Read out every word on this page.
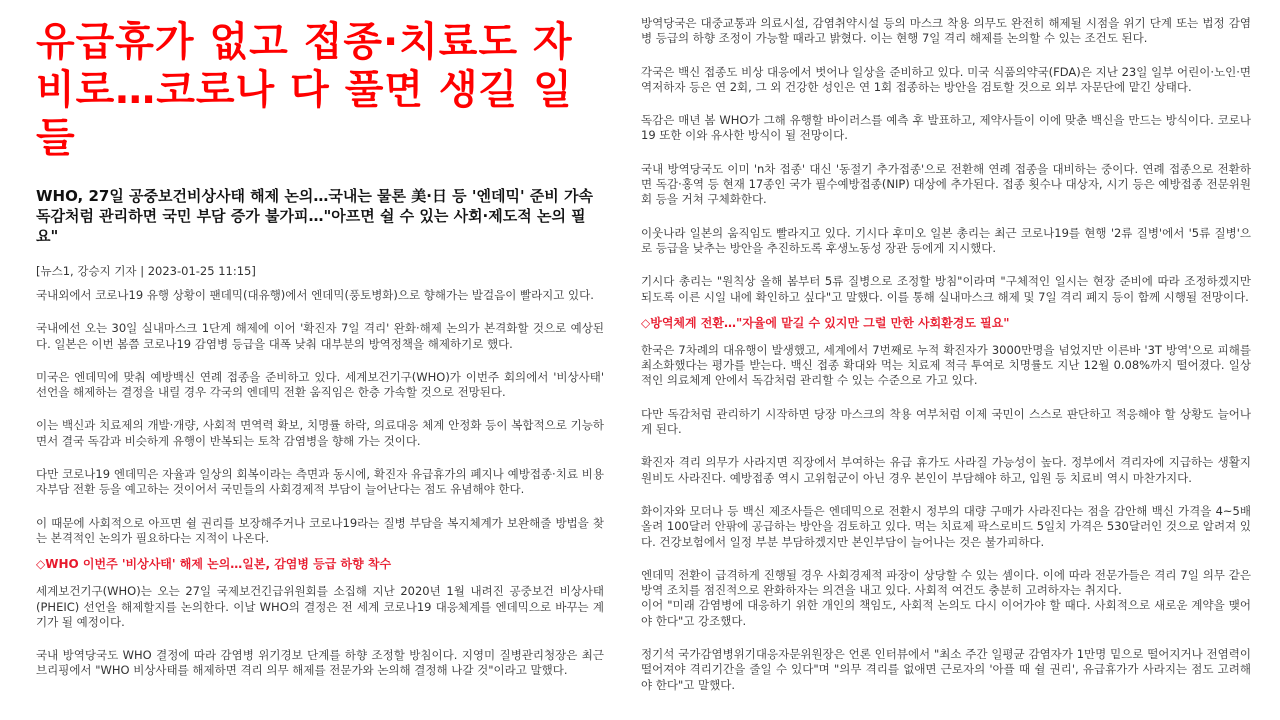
유급휴가 없고 접종·치료도 자비로…코로나 다 풀면 생길 일들
WHO, 27일 공중보건비상사태 해제 논의…국내는 물론 美·日 등 '엔데믹' 준비 가속
독감처럼 관리하면 국민 부담 증가 불가피…"아프면 쉴 수 있는 사회·제도적 논의 필요"
[뉴스1, 강승지 기자 | 2023-01-25 11:15]

국내외에서 코로나19 유행 상황이 팬데믹(대유행)에서 엔데믹(풍토병화)으로 향해가는 발걸음이 빨라지고 있다.

국내에선 오는 30일 실내마스크 1단계 해제에 이어 '확진자 7일 격리' 완화·해제 논의가 본격화할 것으로 예상된다. 일본은 이번 봄쯤 코로나19 감염병 등급을 대폭 낮춰 대부분의 방역정책을 해제하기로 했다.

미국은 엔데믹에 맞춰 예방백신 연례 접종을 준비하고 있다. 세계보건기구(WHO)가 이번주 회의에서 '비상사태' 선언을 해제하는 결정을 내릴 경우 각국의 엔데믹 전환 움직임은 한층 가속할 것으로 전망된다.

이는 백신과 치료제의 개발·개량, 사회적 면역력 확보, 치명률 하락, 의료대응 체계 안정화 등이 복합적으로 기능하면서 결국 독감과 비슷하게 유행이 반복되는 토착 감염병을 향해 가는 것이다.

다만 코로나19 엔데믹은 자율과 일상의 회복이라는 측면과 동시에, 확진자 유급휴가의 폐지나 예방접종·치료 비용 자부담 전환 등을 예고하는 것이어서 국민들의 사회경제적 부담이 늘어난다는 점도 유념해야 한다.

이 때문에 사회적으로 아프면 쉴 권리를 보장해주거나 코로나19라는 질병 부담을 복지체계가 보완해줄 방법을 찾는 본격적인 논의가 필요하다는 지적이 나온다.

◇WHO 이번주 '비상사태' 해제 논의…일본, 감염병 등급 하향 착수

세계보건기구(WHO)는 오는 27일 국제보건긴급위원회를 소집해 지난 2020년 1월 내려진 공중보건 비상사태(PHEIC) 선언을 해제할지를 논의한다. 이날 WHO의 결정은 전 세계 코로나19 대응체계를 엔데믹으로 바꾸는 계기가 될 예정이다.

국내 방역당국도 WHO 결정에 따라 감염병 위기경보 단계를 하향 조정할 방침이다. 지영미 질병관리청장은 최근 브리핑에서 "WHO 비상사태를 해제하면 격리 의무 해제를 전문가와 논의해 결정해 나갈 것"이라고 말했다.

방역당국은 대중교통과 의료시설, 감염취약시설 등의 마스크 착용 의무도 완전히 해제될 시점을 위기 단계 또는 법정 감염병 등급의 하향 조정이 가능할 때라고 밝혔다. 이는 현행 7일 격리 해제를 논의할 수 있는 조건도 된다.

각국은 백신 접종도 비상 대응에서 벗어나 일상을 준비하고 있다. 미국 식품의약국(FDA)은 지난 23일 일부 어린이·노인·면역저하자 등은 연 2회, 그 외 건강한 성인은 연 1회 접종하는 방안을 검토할 것으로 외부 자문단에 맡긴 상태다.

독감은 매년 봄 WHO가 그해 유행할 바이러스를 예측 후 발표하고, 제약사들이 이에 맞춘 백신을 만드는 방식이다. 코로나19 또한 이와 유사한 방식이 될 전망이다.

국내 방역당국도 이미 'n차 접종' 대신 '동절기 추가접종'으로 전환해 연례 접종을 대비하는 중이다. 연례 접종으로 전환하면 독감·홍역 등 현재 17종인 국가 필수예방접종(NIP) 대상에 추가된다. 접종 횟수나 대상자, 시기 등은 예방접종 전문위원회 등을 거쳐 구체화한다.

이웃나라 일본의 움직임도 빨라지고 있다. 기시다 후미오 일본 총리는 최근 코로나19를 현행 '2류 질병'에서 '5류 질병'으로 등급을 낮추는 방안을 추진하도록 후생노동성 장관 등에게 지시했다.

기시다 총리는 "원칙상 올해 봄부터 5류 질병으로 조정할 방침"이라며 "구체적인 일시는 현장 준비에 따라 조정하겠지만 되도록 이른 시일 내에 확인하고 싶다"고 말했다. 이를 통해 실내마스크 해제 및 7일 격리 폐지 등이 함께 시행될 전망이다.

◇방역체계 전환…"자율에 맡길 수 있지만 그럴 만한 사회환경도 필요"

한국은 7차례의 대유행이 발생했고, 세계에서 7번째로 누적 확진자가 3000만명을 넘었지만 이른바 '3T 방역'으로 피해를 최소화했다는 평가를 받는다. 백신 접종 확대와 먹는 치료제 적극 투여로 치명률도 지난 12월 0.08%까지 떨어졌다. 일상적인 의료체계 안에서 독감처럼 관리할 수 있는 수준으로 가고 있다.

다만 독감처럼 관리하기 시작하면 당장 마스크의 착용 여부처럼 이제 국민이 스스로 판단하고 적응해야 할 상황도 늘어나게 된다.

확진자 격리 의무가 사라지면 직장에서 부여하는 유급 휴가도 사라질 가능성이 높다. 정부에서 격리자에 지급하는 생활지원비도 사라진다. 예방접종 역시 고위험군이 아닌 경우 본인이 부담해야 하고, 입원 등 치료비 역시 마찬가지다.

화이자와 모더나 등 백신 제조사들은 엔데믹으로 전환시 정부의 대량 구매가 사라진다는 점을 감안해 백신 가격을 4~5배 올려 100달러 안팎에 공급하는 방안을 검토하고 있다. 먹는 치료제 팍스로비드 5일치 가격은 530달러인 것으로 알려져 있다. 건강보험에서 일정 부분 부담하겠지만 본인부담이 늘어나는 것은 불가피하다.

엔데믹 전환이 급격하게 진행될 경우 사회경제적 파장이 상당할 수 있는 셈이다. 이에 따라 전문가들은 격리 7일 의무 같은 방역 조치를 점진적으로 완화하자는 의견을 내고 있다. 사회적 여건도 충분히 고려하자는 취지다.

이어 "미래 감염병에 대응하기 위한 개인의 책임도, 사회적 논의도 다시 이어가야 할 때다. 사회적으로 새로운 계약을 맺어야 한다"고 강조했다.

정기석 국가감염병위기대응자문위원장은 언론 인터뷰에서 "최소 주간 일평균 감염자가 1만명 밑으로 떨어지거나 전염력이 떨어져야 격리기간을 줄일 수 있다"며 "의무 격리를 없애면 근로자의 '아플 때 쉴 권리', 유급휴가가 사라지는 점도 고려해야 한다"고 말했다.
